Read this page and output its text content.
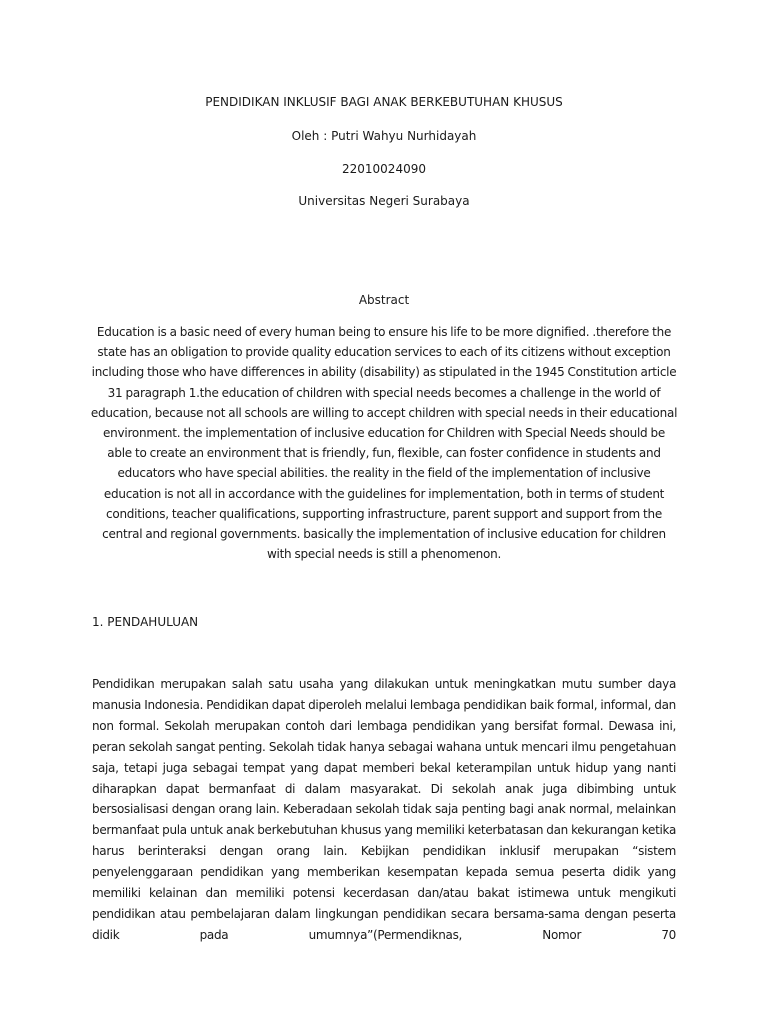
PENDIDIKAN INKLUSIF BAGI ANAK BERKEBUTUHAN KHUSUS
Oleh : Putri Wahyu Nurhidayah
22010024090
Universitas Negeri Surabaya
Abstract
Education is a basic need of every human being to ensure his life to be more dignified. .therefore the state has an obligation to provide quality education services to each of its citizens without exception including those who have differences in ability (disability) as stipulated in the 1945 Constitution article 31 paragraph 1.the education of children with special needs becomes a challenge in the world of education, because not all schools are willing to accept children with special needs in their educational environment. the implementation of inclusive education for Children with Special Needs should be able to create an environment that is friendly, fun, flexible, can foster confidence in students and educators who have special abilities. the reality in the field of the implementation of inclusive education is not all in accordance with the guidelines for implementation, both in terms of student conditions, teacher qualifications, supporting infrastructure, parent support and support from the central and regional governments. basically the implementation of inclusive education for children with special needs is still a phenomenon.
1. PENDAHULUAN
Pendidikan merupakan salah satu usaha yang dilakukan untuk meningkatkan mutu sumber daya manusia Indonesia. Pendidikan dapat diperoleh melalui lembaga pendidikan baik formal, informal, dan non formal. Sekolah merupakan contoh dari lembaga pendidikan yang bersifat formal. Dewasa ini, peran sekolah sangat penting. Sekolah tidak hanya sebagai wahana untuk mencari ilmu pengetahuan saja, tetapi juga sebagai tempat yang dapat memberi bekal keterampilan untuk hidup yang nanti diharapkan dapat bermanfaat di dalam masyarakat. Di sekolah anak juga dibimbing untuk bersosialisasi dengan orang lain. Keberadaan sekolah tidak saja penting bagi anak normal, melainkan bermanfaat pula untuk anak berkebutuhan khusus yang memiliki keterbatasan dan kekurangan ketika harus berinteraksi dengan orang lain. Kebijkan pendidikan inklusif merupakan “sistem penyelenggaraan pendidikan yang memberikan kesempatan kepada semua peserta didik yang memiliki kelainan dan memiliki potensi kecerdasan dan/atau bakat istimewa untuk mengikuti pendidikan atau pembelajaran dalam lingkungan pendidikan secara bersama-sama dengan peserta didik pada umumnya”(Permendiknas, Nomor 70
